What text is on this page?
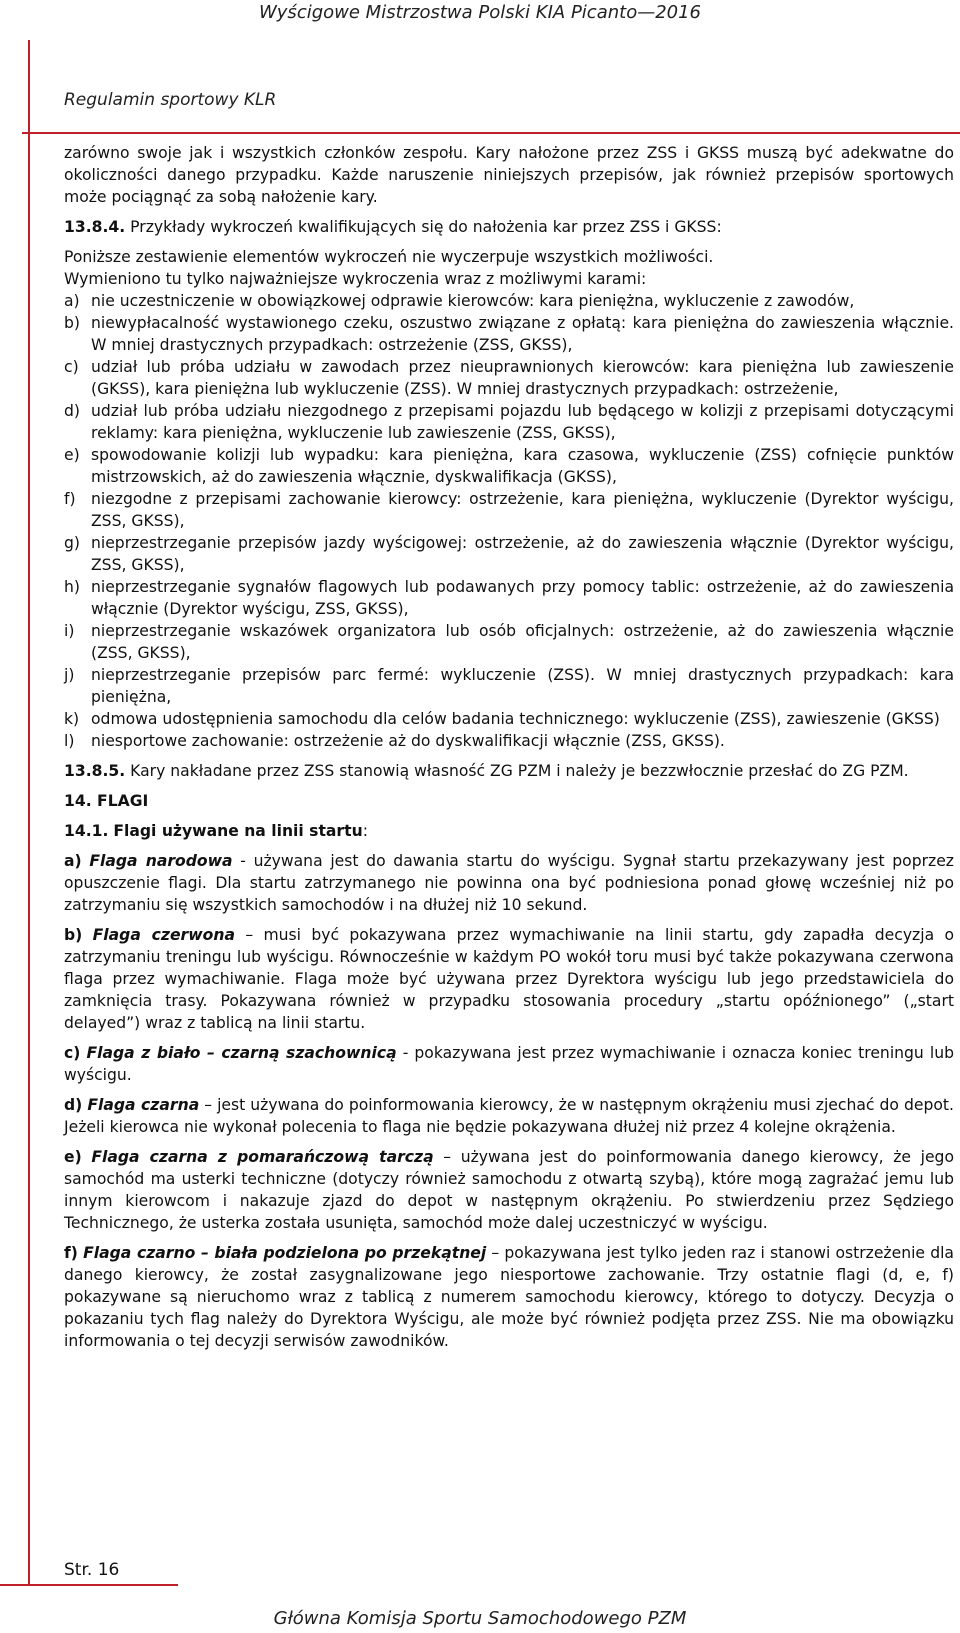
Wyścigowe Mistrzostwa Polski KIA Picanto—2016
Regulamin sportowy KLR

zarówno swoje jak i wszystkich członków zespołu. Kary nałożone przez ZSS i GKSS muszą być adekwatne do okoliczności danego przypadku. Każde naruszenie niniejszych przepisów, jak również przepisów sportowych może pociągnąć za sobą nałożenie kary.

13.8.4. Przykłady wykroczeń kwalifikujących się do nałożenia kar przez ZSS i GKSS:

Poniższe zestawienie elementów wykroczeń nie wyczerpuje wszystkich możliwości.

Wymieniono tu tylko najważniejsze wykroczenia wraz z możliwymi karami:

a) nie uczestniczenie w obowiązkowej odprawie kierowców: kara pieniężna, wykluczenie z zawodów,
b) niewypłacalność wystawionego czeku, oszustwo związane z opłatą: kara pieniężna do zawieszenia włącznie. W mniej drastycznych przypadkach: ostrzeżenie (ZSS, GKSS),
c) udział lub próba udziału w zawodach przez nieuprawnionych kierowców: kara pieniężna lub zawieszenie (GKSS), kara pieniężna lub wykluczenie (ZSS). W mniej drastycznych przypadkach: ostrzeżenie,
d) udział lub próba udziału niezgodnego z przepisami pojazdu lub będącego w kolizji z przepisami dotyczącymi reklamy: kara pieniężna, wykluczenie lub zawieszenie (ZSS, GKSS),
e) spowodowanie kolizji lub wypadku: kara pieniężna, kara czasowa, wykluczenie (ZSS) cofnięcie punktów mistrzowskich, aż do zawieszenia włącznie, dyskwalifikacja (GKSS),
f) niezgodne z przepisami zachowanie kierowcy: ostrzeżenie, kara pieniężna, wykluczenie (Dyrektor wyścigu, ZSS, GKSS),
g) nieprzestrzeganie przepisów jazdy wyścigowej: ostrzeżenie, aż do zawieszenia włącznie (Dyrektor wyścigu, ZSS, GKSS),
h) nieprzestrzeganie sygnałów flagowych lub podawanych przy pomocy tablic: ostrzeżenie, aż do zawieszenia włącznie (Dyrektor wyścigu, ZSS, GKSS),
i)	nieprzestrzeganie wskazówek organizatora lub osób oficjalnych: ostrzeżenie, aż do zawieszenia włącznie (ZSS, GKSS),
j)	nieprzestrzeganie przepisów parc fermé: wykluczenie (ZSS). W mniej drastycznych przypadkach: kara pieniężna,
k) odmowa udostępnienia samochodu dla celów badania technicznego: wykluczenie (ZSS), zawieszenie (GKSS)
l)	niesportowe zachowanie: ostrzeżenie aż do dyskwalifikacji włącznie (ZSS, GKSS).

13.8.5. Kary nakładane przez ZSS stanowią własność ZG PZM i należy je bezzwłocznie przesłać do ZG PZM.

14. FLAGI

14.1. Flagi używane na linii startu:

a) Flaga narodowa - używana jest do dawania startu do wyścigu. Sygnał startu przekazywany jest poprzez opuszczenie flagi. Dla startu zatrzymanego nie powinna ona być podniesiona ponad głowę wcześniej niż po zatrzymaniu się wszystkich samochodów i na dłużej niż 10 sekund.

b) Flaga czerwona – musi być pokazywana przez wymachiwanie na linii startu, gdy zapadła decyzja o zatrzymaniu treningu lub wyścigu. Równocześnie w każdym PO wokół toru musi być także pokazywana czerwona flaga przez wymachiwanie. Flaga może być używana przez Dyrektora wyścigu lub jego przedstawiciela do zamknięcia trasy. Pokazywana również w przypadku stosowania procedury „startu opóźnionego” („start delayed”) wraz z tablicą na linii startu.

c) Flaga z biało – czarną szachownicą - pokazywana jest przez wymachiwanie i oznacza koniec treningu lub wyścigu.

d) Flaga czarna – jest używana do poinformowania kierowcy, że w następnym okrążeniu musi zjechać do depot. Jeżeli kierowca nie wykonał polecenia to flaga nie będzie pokazywana dłużej niż przez 4 kolejne okrążenia.

e) Flaga czarna z pomarańczową tarczą – używana jest do poinformowania danego kierowcy, że jego samochód ma usterki techniczne (dotyczy również samochodu z otwartą szybą), które mogą zagrażać jemu lub innym kierowcom i nakazuje zjazd do depot w następnym okrążeniu. Po stwierdzeniu przez Sędziego Technicznego, że usterka została usunięta, samochód może dalej uczestniczyć w wyścigu.

f) Flaga czarno – biała podzielona po przekątnej – pokazywana jest tylko jeden raz i stanowi ostrzeżenie dla danego kierowcy, że został zasygnalizowane jego niesportowe zachowanie. Trzy ostatnie flagi (d, e, f) pokazywane są nieruchomo wraz z tablicą z numerem samochodu kierowcy, którego to dotyczy. Decyzja o pokazaniu tych flag należy do Dyrektora Wyścigu, ale może być również podjęta przez ZSS. Nie ma obowiązku informowania o tej decyzji serwisów zawodników.

Str. 16
Główna Komisja Sportu Samochodowego PZM
